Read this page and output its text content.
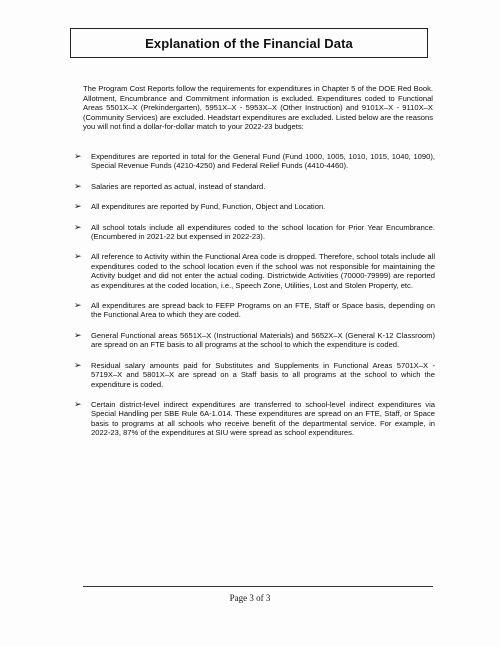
Explanation of the Financial Data

The Program Cost Reports follow the requirements for expenditures in Chapter 5 of the DOE Red Book. Allotment, Encumbrance and Commitment information is excluded. Expenditures coded to Functional Areas 5501X–X (Prekindergarten), 5951X–X - 5953X–X (Other Instruction) and 9101X–X - 9110X–X (Community Services) are excluded. Headstart expenditures are excluded. Listed below are the reasons you will not find a dollar-for-dollar match to your 2022-23 budgets:

➢ Expenditures are reported in total for the General Fund (Fund 1000, 1005, 1010, 1015, 1040, 1090), Special Revenue Funds (4210-4250) and Federal Relief Funds (4410-4460).
➢ Salaries are reported as actual, instead of standard.
➢ All expenditures are reported by Fund, Function, Object and Location.
➢ All school totals include all expenditures coded to the school location for Prior Year Encumbrance. (Encumbered in 2021-22 but expensed in 2022-23).
➢ All reference to Activity within the Functional Area code is dropped. Therefore, school totals include all expenditures coded to the school location even if the school was not responsible for maintaining the Activity budget and did not enter the actual coding. Districtwide Activities (70000-79999) are reported as expenditures at the coded location, i.e., Speech Zone, Utilities, Lost and Stolen Property, etc.
➢ All expenditures are spread back to FEFP Programs on an FTE, Staff or Space basis, depending on the Functional Area to which they are coded.
➢ General Functional areas 5651X–X (Instructional Materials) and 5652X–X (General K-12 Classroom) are spread on an FTE basis to all programs at the school to which the expenditure is coded.
➢ Residual salary amounts paid for Substitutes and Supplements in Functional Areas 5701X–X - 5719X–X and 5801X–X are spread on a Staff basis to all programs at the school to which the expenditure is coded.
➢ Certain district-level indirect expenditures are transferred to school-level indirect expenditures via Special Handling per SBE Rule 6A-1.014. These expenditures are spread on an FTE, Staff, or Space basis to programs at all schools who receive benefit of the departmental service. For example, in 2022-23, 87% of the expenditures at SIU were spread as school expenditures.
Page 3 of 3
